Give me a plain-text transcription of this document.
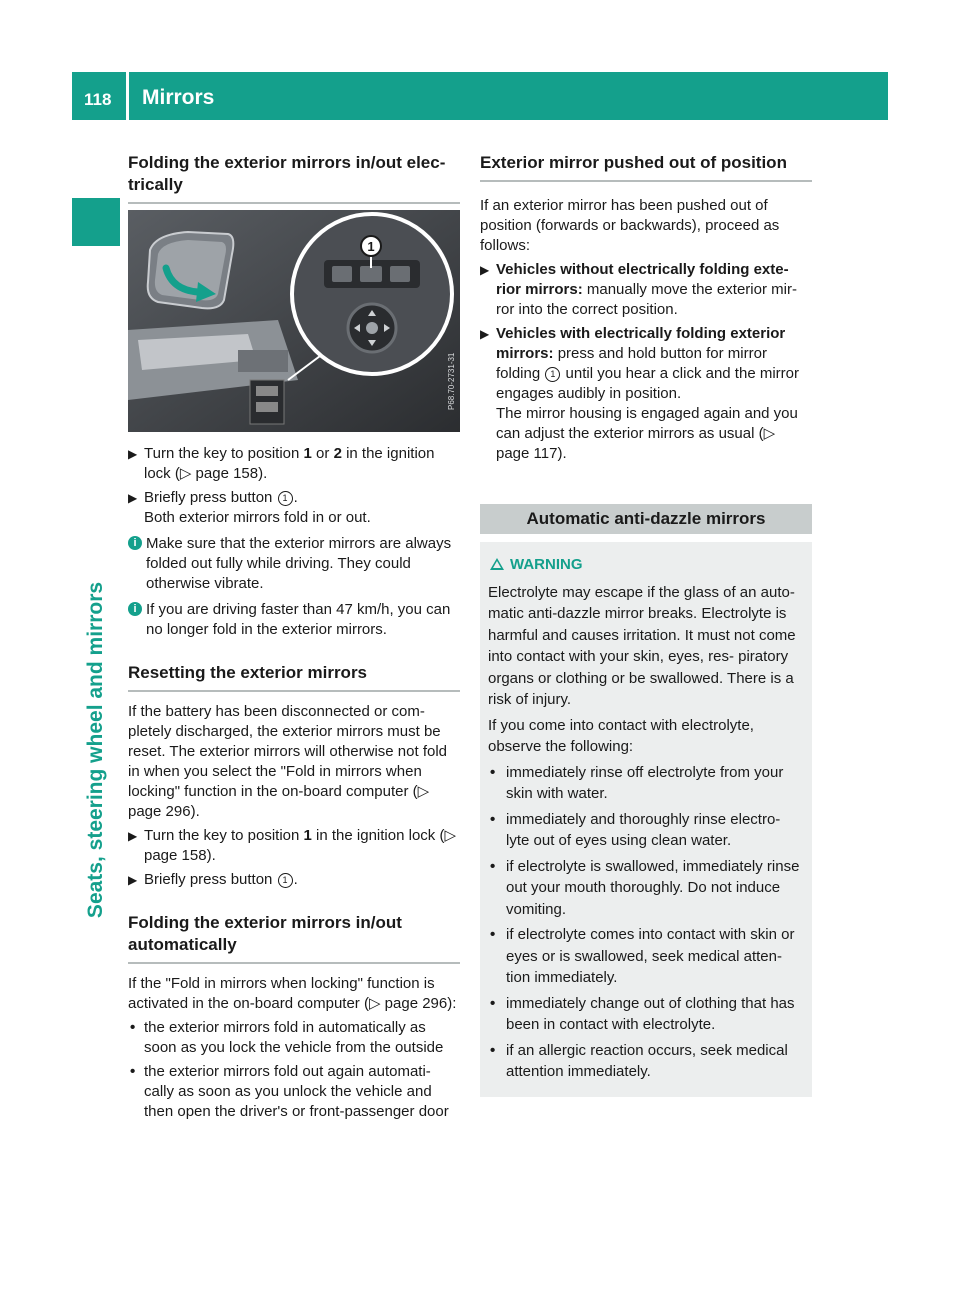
118 Mirrors
Seats, steering wheel and mirrors
Folding the exterior mirrors in/out elec- trically
1
P68.70-2731-31
▶ Turn the key to position 1 or 2 in the ignition lock (▷ page 158).
▶ Briefly press button 1 .

Both exterior mirrors fold in or out.

i Make sure that the exterior mirrors are always folded out fully while driving. They could otherwise vibrate.

i If you are driving faster than 47 km/h, you can no longer fold in the exterior mirrors.

Resetting the exterior mirrors

If the battery has been disconnected or com- pletely discharged, the exterior mirrors must be reset. The exterior mirrors will otherwise not fold in when you select the "Fold in mirrors when locking" function in the on-board computer (▷ page 296).

▶ Turn the key to position 1 in the ignition lock (▷ page 158).
▶ Briefly press button 1 .
Folding the exterior mirrors in/out automatically

If the "Fold in mirrors when locking" function is activated in the on-board computer (▷ page 296):

• the exterior mirrors fold in automatically as soon as you lock the vehicle from the outside
• the exterior mirrors fold out again automati- cally as soon as you unlock the vehicle and then open the driver's or front-passenger door
Exterior mirror pushed out of position

If an exterior mirror has been pushed out of position (forwards or backwards), proceed as follows:

▶ Vehicles without electrically folding exte- rior mirrors: manually move the exterior mir- ror into the correct position.
▶ Vehicles with electrically folding exterior mirrors: press and hold button for mirror folding 1 until you hear a click and the mirror engages audibly in position.

The mirror housing is engaged again and you can adjust the exterior mirrors as usual (▷ page 117).

Automatic anti-dazzle mirrors
WARNING

Electrolyte may escape if the glass of an auto- matic anti-dazzle mirror breaks. Electrolyte is harmful and causes irritation. It must not come into contact with your skin, eyes, res- piratory organs or clothing or be swallowed. There is a risk of injury.

If you come into contact with electrolyte, observe the following:

• immediately rinse off electrolyte from your skin with water.
• immediately and thoroughly rinse electro- lyte out of eyes using clean water.
• if electrolyte is swallowed, immediately rinse out your mouth thoroughly. Do not induce vomiting.
• if electrolyte comes into contact with skin or eyes or is swallowed, seek medical atten- tion immediately.
• immediately change out of clothing that has been in contact with electrolyte.
• if an allergic reaction occurs, seek medical attention immediately.
